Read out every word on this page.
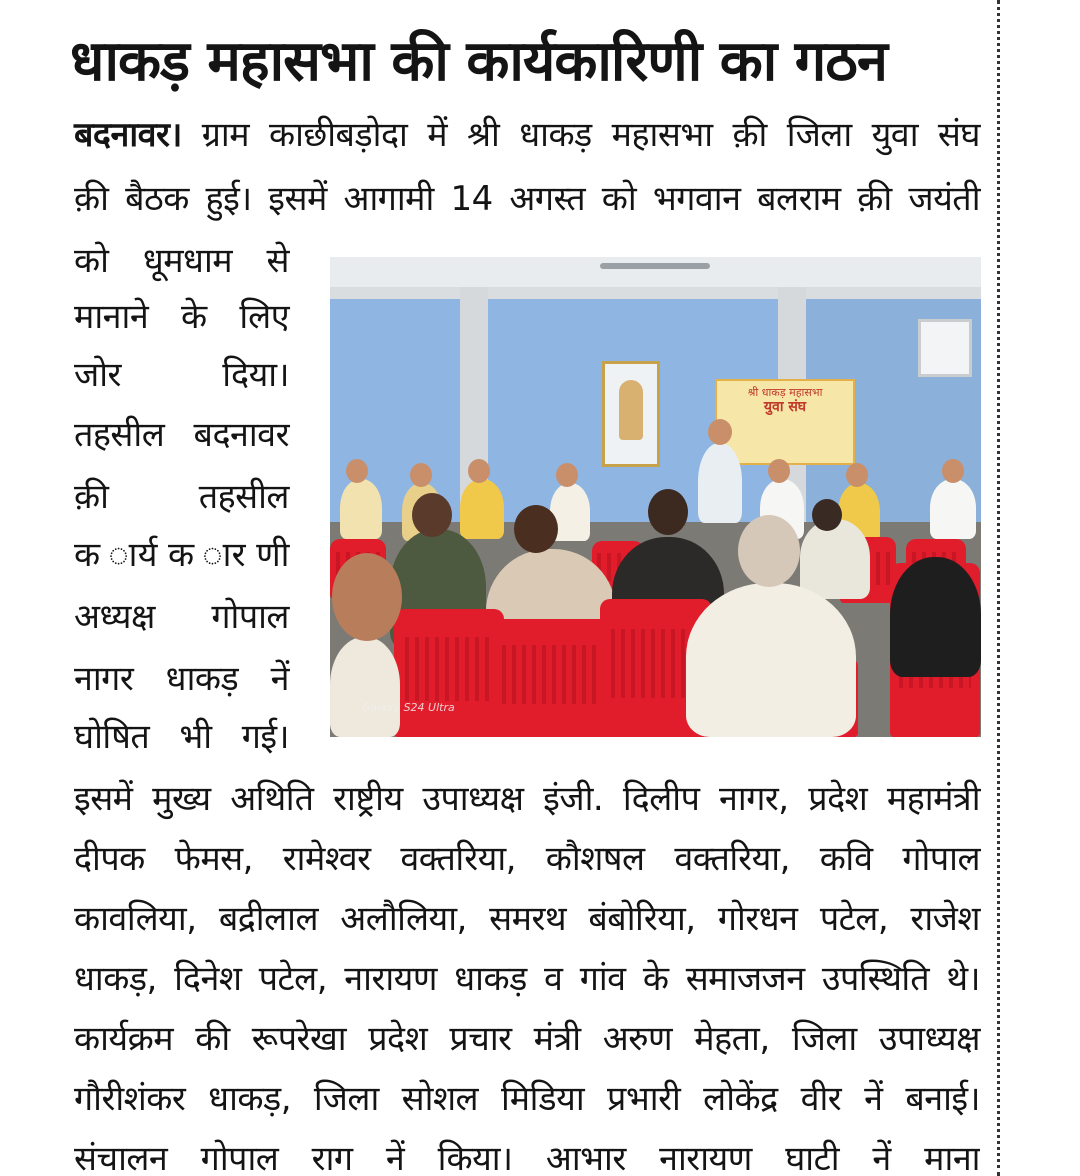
धाकड़ महासभा की कार्यकारिणी का गठन
बदनावर। ग्राम काछीबड़ोदा में श्री धाकड़ महासभा क़ी जिला युवा संघ
क़ी बैठक हुई। इसमें आगामी 14 अगस्त को भगवान बलराम क़ी जयंती
को धूमधाम से
मानाने के लिए
जोर दिया।
तहसील बदनावर
क़ी तहसील
क ार्य क ार णी
अध्यक्ष गोपाल
नागर धाकड़ नें
घोषित भी गई।
श्री धाकड़ महासभा
युवा संघ
Galaxy S24 Ultra
इसमें मुख्य अथिति राष्ट्रीय उपाध्यक्ष इंजी. दिलीप नागर, प्रदेश महामंत्री
दीपक फेमस, रामेश्वर वक्तरिया, कौशषल वक्तरिया, कवि गोपाल
कावलिया, बद्रीलाल अलौलिया, समरथ बंबोरिया, गोरधन पटेल, राजेश
धाकड़, दिनेश पटेल, नारायण धाकड़ व गांव के समाजजन उपस्थिति थे।
कार्यक्रम की रूपरेखा प्रदेश प्रचार मंत्री अरुण मेहता, जिला उपाध्यक्ष
गौरीशंकर धाकड़, जिला सोशल मिडिया प्रभारी लोकेंद्र वीर नें बनाई।
संचालन गोपाल राग नें किया। आभार नारायण घाटी नें माना
